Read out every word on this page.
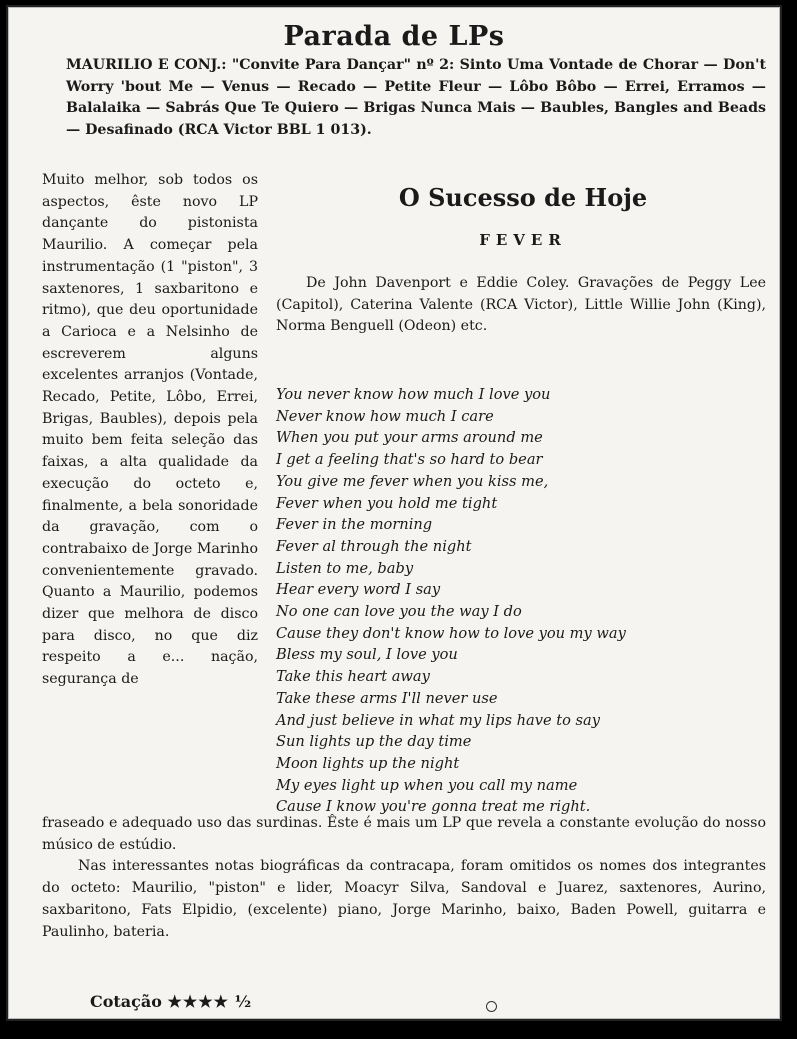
Parada de LPs
MAURILIO E CONJ.: "Convite Para Dançar" nº 2: Sinto Uma Vontade de Chorar — Don't Worry 'bout Me — Venus — Recado — Petite Fleur — Lôbo Bôbo — Errei, Erramos — Balalaika — Sabrás Que Te Quiero — Brigas Nunca Mais — Baubles, Bangles and Beads — Desafinado (RCA Victor BBL 1 013).
Muito melhor, sob todos os aspectos, êste novo LP dançante do pistonista Maurilio. A começar pela instrumentação (1 "piston", 3 saxtenores, 1 saxbaritono e ritmo), que deu oportunidade a Carioca e a Nelsinho de escreverem alguns excelentes arranjos (Vontade, Recado, Petite, Lôbo, Errei, Brigas, Baubles), depois pela muito bem feita seleção das faixas, a alta qualidade da execução do octeto e, finalmente, a bela sonoridade da gravação, com o contrabaixo de Jorge Marinho convenientemente gravado. Quanto a Maurilio, podemos dizer que melhora de disco para disco, no que diz respeito a e... nação, segurança de
O Sucesso de Hoje
FEVER
De John Davenport e Eddie Coley. Gravações de Peggy Lee (Capitol), Caterina Valente (RCA Victor), Little Willie John (King), Norma Benguell (Odeon) etc.
You never know how much I love you
Never know how much I care
When you put your arms around me
I get a feeling that's so hard to bear
You give me fever when you kiss me,
Fever when you hold me tight
Fever in the morning
Fever al through the night
Listen to me, baby
Hear every word I say
No one can love you the way I do
Cause they don't know how to love you my way
Bless my soul, I love you
Take this heart away
Take these arms I'll never use
And just believe in what my lips have to say
Sun lights up the day time
Moon lights up the night
My eyes light up when you call my name
Cause I know you're gonna treat me right.

fraseado e adequado uso das surdinas. Êste é mais um LP que revela a constante evolução do nosso músico de estúdio.

Nas interessantes notas biográficas da contracapa, foram omitidos os nomes dos integrantes do octeto: Maurilio, "piston" e lider, Moacyr Silva, Sandoval e Juarez, saxtenores, Aurino, saxbaritono, Fats Elpidio, (excelente) piano, Jorge Marinho, baixo, Baden Powell, guitarra e Paulinho, bateria.

Cotação ★★★★ ½
